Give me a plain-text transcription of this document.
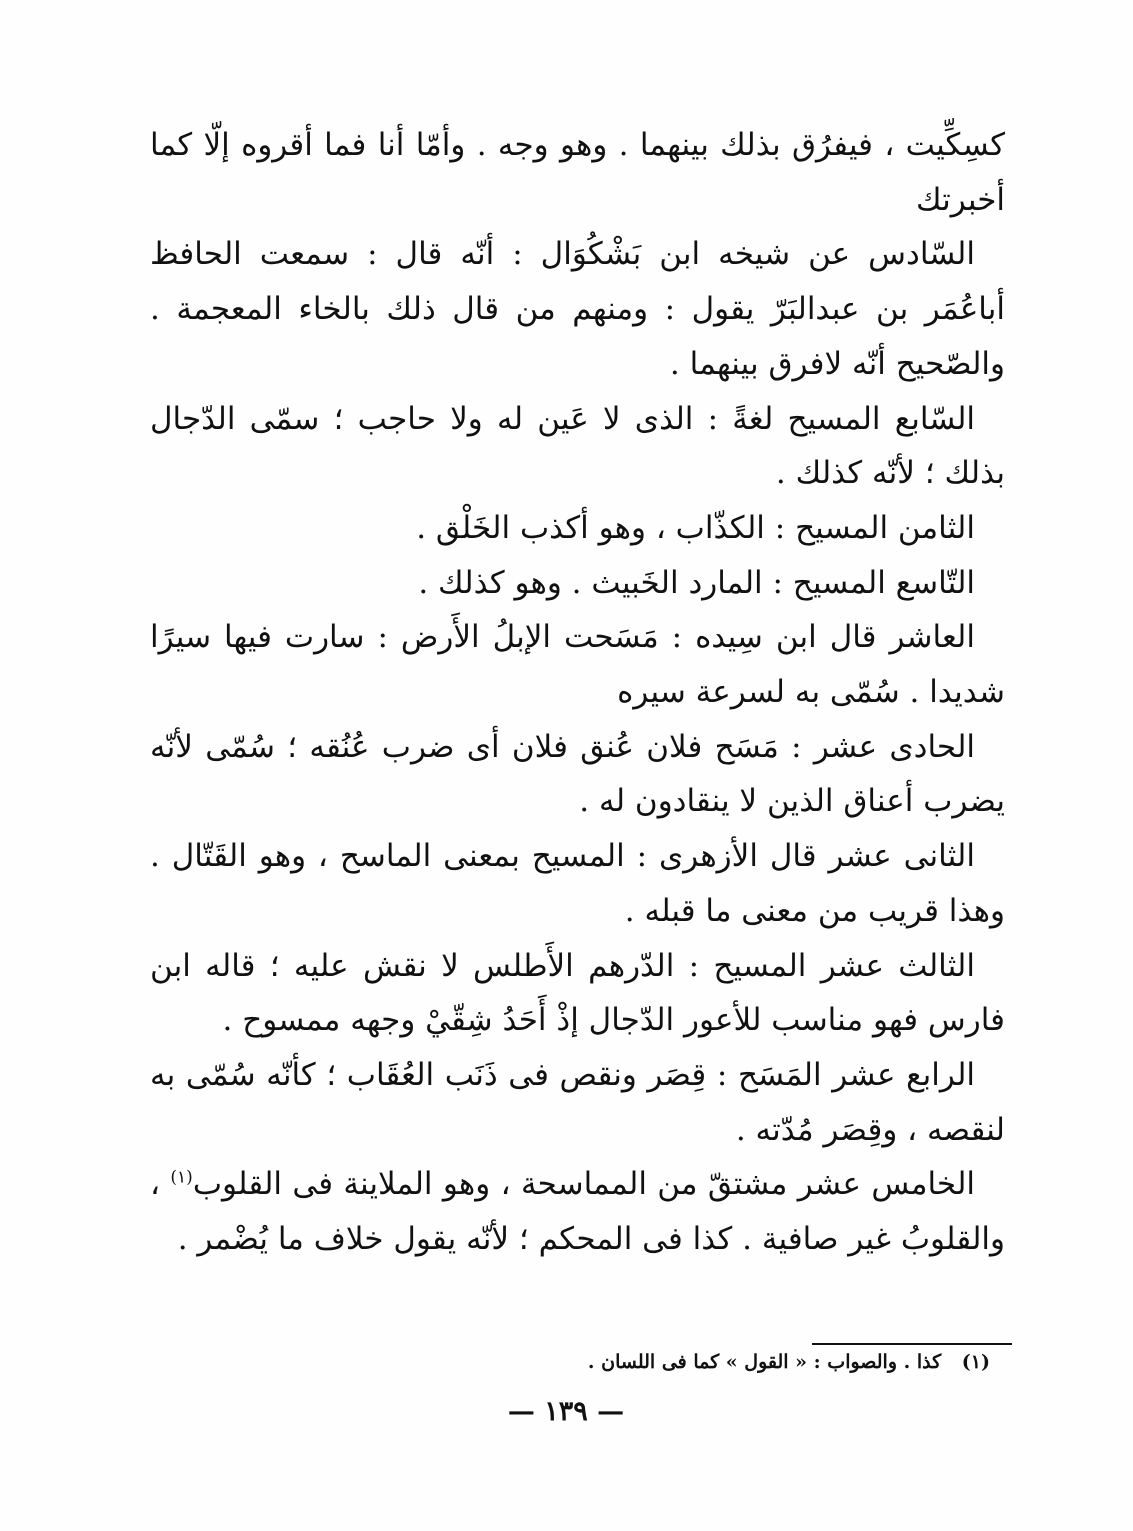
كسِكِّيت ، فيفرُق بذلك بينهما . وهو وجه . وأمّا أنا فما أقروه إلّا كما أخبرتك

السّادس عن شيخه ابن بَشْكُوَال : أنّه قال : سمعت الحافظ أباعُمَر بن عبدالبَرّ يقول : ومنهم من قال ذلك بالخاء المعجمة . والصّحيح أنّه لافرق بينهما .

السّابع المسيح لغةً : الذى لا عَين له ولا حاجب ؛ سمّى الدّجال بذلك ؛ لأنّه كذلك .

الثامن المسيح : الكذّاب ، وهو أكذب الخَلْق .

التّاسع المسيح : المارد الخَبيث . وهو كذلك .

العاشر قال ابن سِيده : مَسَحت الإبلُ الأَرض : سارت فيها سيرًا شديدا . سُمّى به لسرعة سيره

الحادى عشر : مَسَح فلان عُنق فلان أى ضرب عُنُقه ؛ سُمّى لأنّه يضرب أعناق الذين لا ينقادون له .

الثانى عشر قال الأزهرى : المسيح بمعنى الماسح ، وهو القَتّال . وهذا قريب من معنى ما قبله .

الثالث عشر المسيح : الدّرهم الأَطلس لا نقش عليه ؛ قاله ابن فارس فهو مناسب للأعور الدّجال إذْ أَحَدُ شِقّيْ وجهه ممسوح .

الرابع عشر المَسَح : قِصَر ونقص فى ذَنَب العُقَاب ؛ كأنّه سُمّى به لنقصه ، وقِصَر مُدّته .

الخامس عشر مشتقّ من المماسحة ، وهو الملاينة فى القلوب$^{(١)}$ ، والقلوبُ غير صافية . كذا فى المحكم ؛ لأنّه يقول خلاف ما يُضْمر .

(١) كذا . والصواب : « القول » كما فى اللسان .
— ١٣٩ —
